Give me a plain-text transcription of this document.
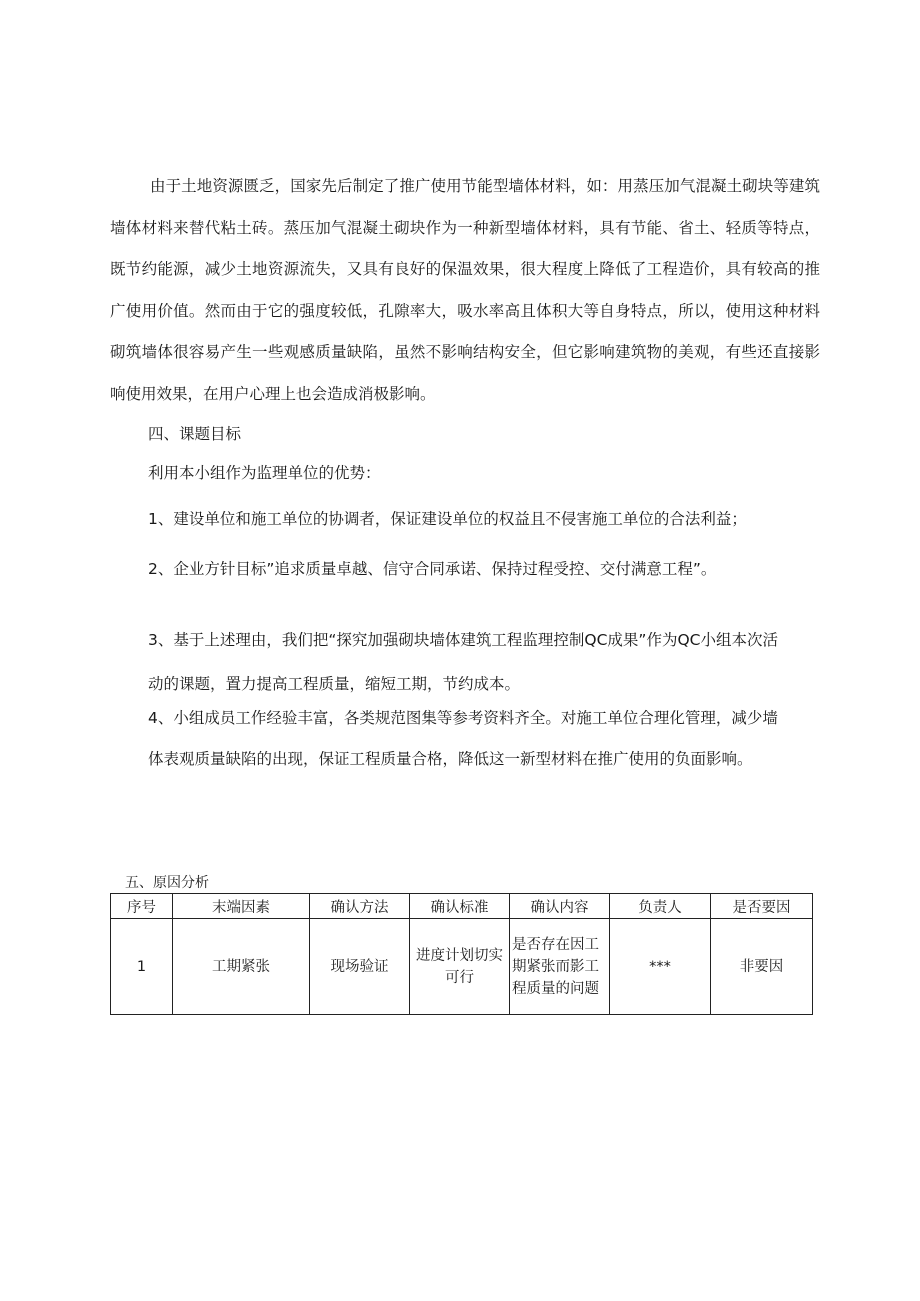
由于土地资源匮乏，国家先后制定了推广使用节能型墙体材料，如：用蒸压加气混凝土砌块等建筑墙体材料来替代粘土砖。蒸压加气混凝土砌块作为一种新型墙体材料，具有节能、省土、轻质等特点，既节约能源，减少土地资源流失，又具有良好的保温效果，很大程度上降低了工程造价，具有较高的推广使用价值。然而由于它的强度较低，孔隙率大，吸水率高且体积大等自身特点，所以，使用这种材料砌筑墙体很容易产生一些观感质量缺陷，虽然不影响结构安全，但它影响建筑物的美观，有些还直接影响使用效果，在用户心理上也会造成消极影响。

四、课题目标

利用本小组作为监理单位的优势：

1、建设单位和施工单位的协调者，保证建设单位的权益且不侵害施工单位的合法利益；

2、企业方针目标”追求质量卓越、信守合同承诺、保持过程受控、交付满意工程”。

3、基于上述理由，我们把“探究加强砌块墙体建筑工程监理控制QC成果”作为QC小组本次活动的课题，置力提高工程质量，缩短工期，节约成本。

4、小组成员工作经验丰富，各类规范图集等参考资料齐全。对施工单位合理化管理，减少墙体表观质量缺陷的出现，保证工程质量合格，降低这一新型材料在推广使用的负面影响。

五、原因分析

序号	末端因素	确认方法	确认标准	确认内容	负责人	是否要因
1	工期紧张	现场验证	进度计划切实可行	是否存在因工期紧张而影工程质量的问题	***	非要因
